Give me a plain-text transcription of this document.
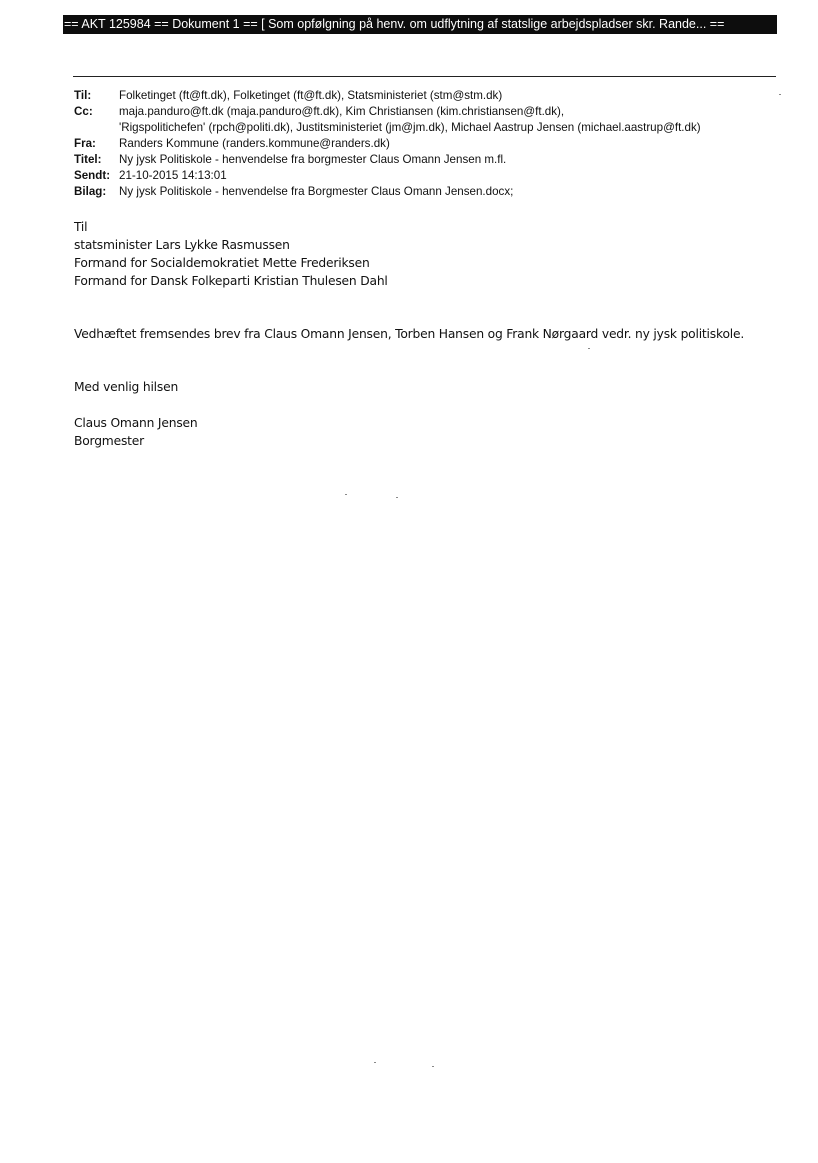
== AKT 125984 == Dokument 1 == [ Som opfølgning på henv. om udflytning af statslige arbejdspladser skr. Rande... ==
Til:	Folketinget (ft@ft.dk), Folketinget (ft@ft.dk), Statsministeriet (stm@stm.dk)
Cc:	maja.panduro@ft.dk (maja.panduro@ft.dk), Kim Christiansen (kim.christiansen@ft.dk),
'Rigspolitichefen' (rpch@politi.dk), Justitsministeriet (jm@jm.dk), Michael Aastrup Jensen (michael.aastrup@ft.dk)
Fra:	Randers Kommune (randers.kommune@randers.dk)
Titel:	Ny jysk Politiskole - henvendelse fra borgmester Claus Omann Jensen m.fl.
Sendt: 21-10-2015 14:13:01
Bilag:	Ny jysk Politiskole - henvendelse fra Borgmester Claus Omann Jensen.docx;
Til
statsminister Lars Lykke Rasmussen
Formand for Socialdemokratiet Mette Frederiksen
Formand for Dansk Folkeparti Kristian Thulesen Dahl
Vedhæftet fremsendes brev fra Claus Omann Jensen, Torben Hansen og Frank Nørgaard vedr. ny jysk politiskole.
Med venlig hilsen
Claus Omann Jensen
Borgmester
